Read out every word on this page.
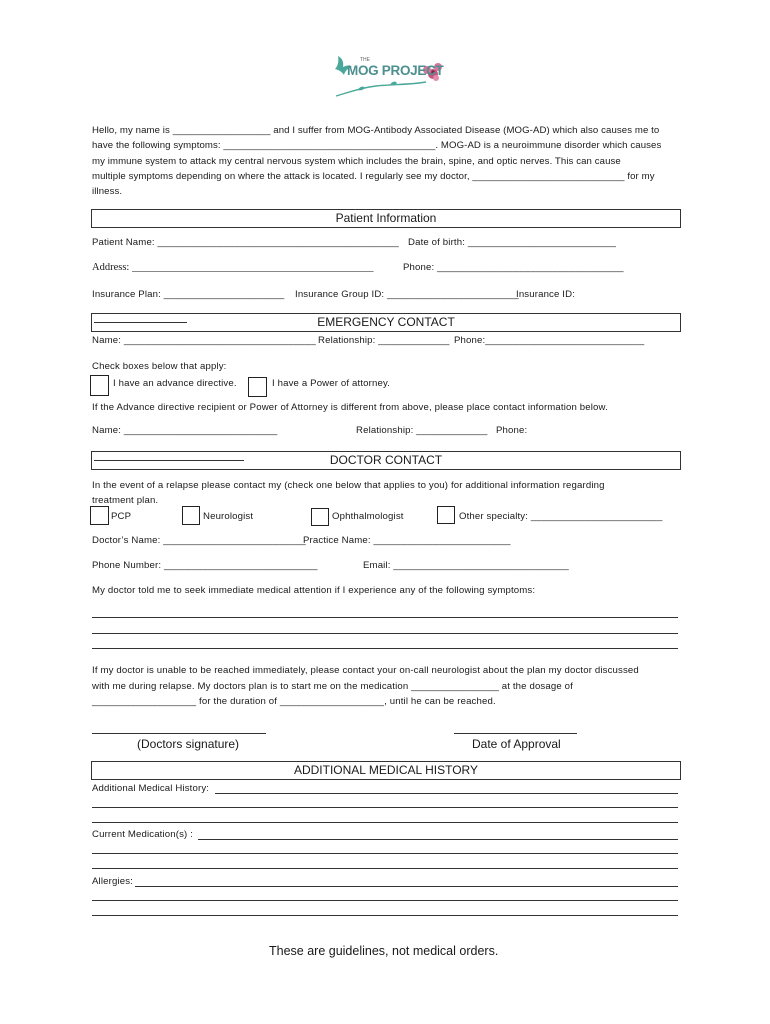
THE
MOG PROJECT
Hello, my name is __________________ and I suffer from MOG-Antibody Associated Disease (MOG-AD) which also causes me to
have the following symptoms: _______________________________________. MOG-AD is a neuroimmune disorder which causes
my immune system to attack my central nervous system which includes the brain, spine, and optic nerves. This can cause
multiple symptoms depending on where the attack is located. I regularly see my doctor, ____________________________ for my
illness.
Patient Information
Patient Name: ____________________________________________ Date of birth: ___________________________
Address: ______________________________________________	Phone: __________________________________
Insurance Plan: ______________________ Insurance Group ID: ________________________
Insurance ID:
EMERGENCY CONTACT
Name: ___________________________________ Relationship: _____________ Phone:_____________________________
Check boxes below that apply:
I have an advance directive.	I have a Power of attorney.
If the Advance directive recipient or Power of Attorney is different from above, please place contact information below.
Name: ____________________________	Relationship: _____________ Phone:
DOCTOR CONTACT
In the event of a relapse please contact my (check one below that applies to you) for additional information regarding
treatment plan.
PCP	Neurologist	Ophthalmologist	Other specialty: ________________________
Doctor’s Name: __________________________
Practice Name: _________________________
Phone Number: ____________________________	Email: ________________________________
My doctor told me to seek immediate medical attention if I experience any of the following symptoms:
If my doctor is unable to be reached immediately, please contact your on-call neurologist about the plan my doctor discussed
with me during relapse. My doctors plan is to start me on the medication ________________ at the dosage of
___________________ for the duration of ___________________, until he can be reached.
(Doctors signature)	Date of Approval
ADDITIONAL MEDICAL HISTORY
Additional Medical History:
Current Medication(s) :
Allergies:
These are guidelines, not medical orders.
